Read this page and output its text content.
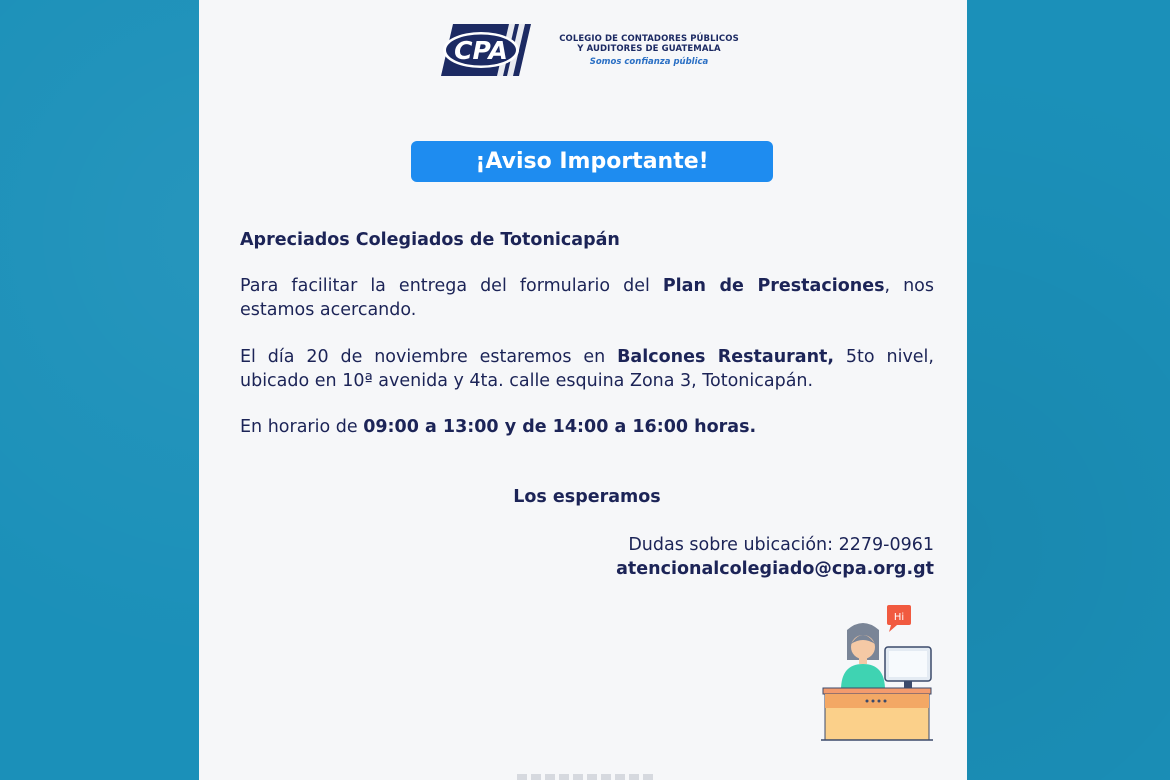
CPA	COLEGIO DE CONTADORES PÚBLICOS
Y AUDITORES DE GUATEMALA
Somos confianza pública
¡Aviso Importante!
Apreciados Colegiados de Totonicapán
Para facilitar la entrega del formulario del Plan de Prestaciones, nos estamos acercando.
El día 20 de noviembre estaremos en Balcones Restaurant, 5to nivel, ubicado en 10ª avenida y 4ta. calle esquina Zona 3, Totonicapán.
En horario de 09:00 a 13:00 y de 14:00 a 16:00 horas.
Los esperamos
Dudas sobre ubicación: 2279-0961
atencionalcolegiado@cpa.org.gt
Hi
